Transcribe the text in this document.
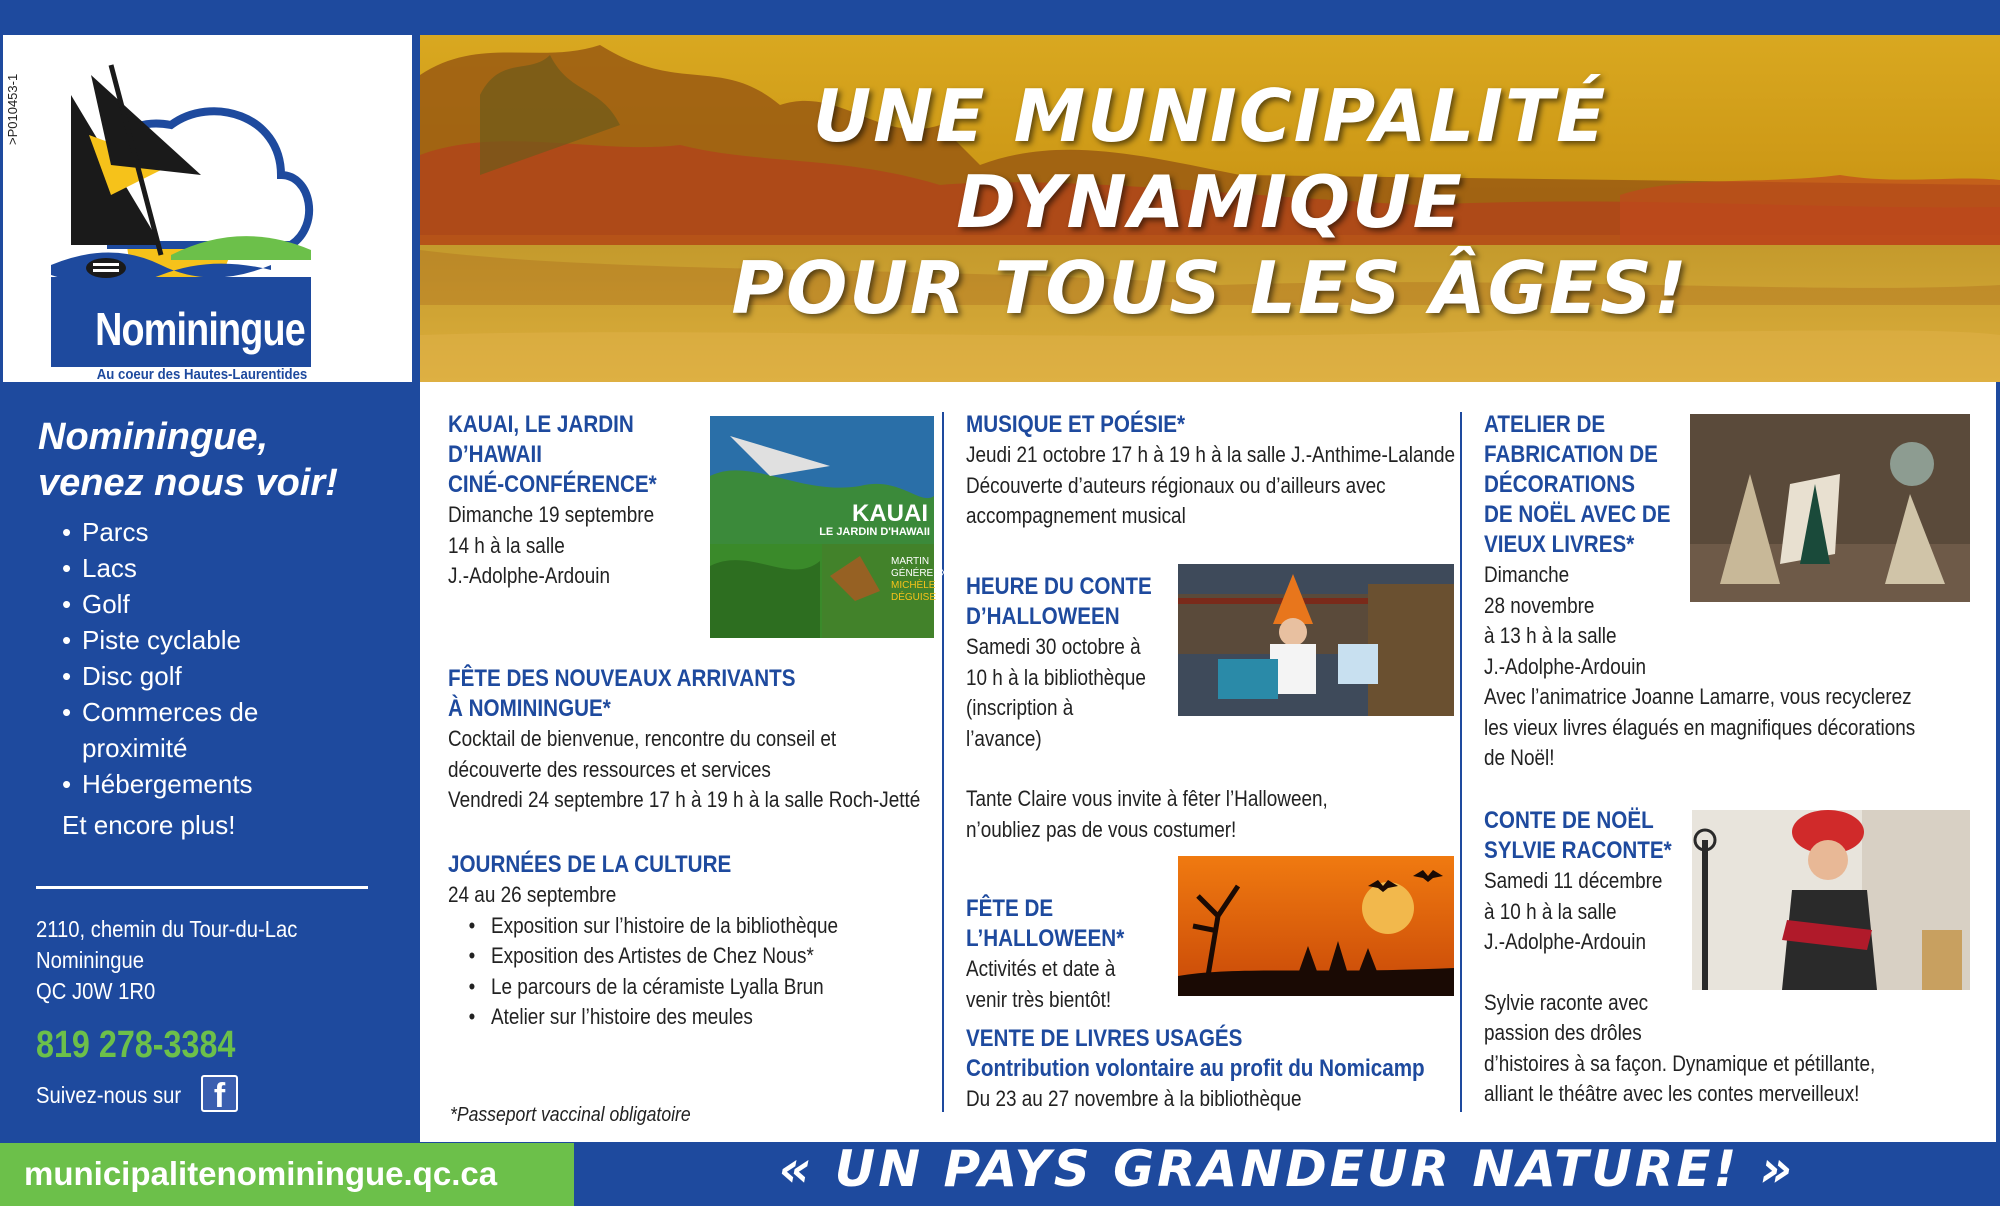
>P010453-1
Nominingue
Au coeur des Hautes-Laurentides
UNE MUNICIPALITÉ
DYNAMIQUE
POUR TOUS LES ÂGES!
Nominingue,
venez nous voir!
• Parcs
• Lacs
• Golf
• Piste cyclable
• Disc golf
• Commerces de
proximité
• Hébergements
Et encore plus!
2110, chemin du Tour-du-Lac
Nominingue
QC J0W 1R0
819 278-3384
Suivez-nous sur f
KAUAI, LE JARDIN
D’HAWAII
CINÉ-CONFÉRENCE*
Dimanche 19 septembre
14 h à la salle
J.-Adolphe-Ardouin
KAUAI
LE JARDIN D'HAWAII
MARTIN
GÉNÉREUX
MICHÈLE
DÉGUISE
FÊTE DES NOUVEAUX ARRIVANTS
À NOMININGUE*
Cocktail de bienvenue, rencontre du conseil et
découverte des ressources et services
Vendredi 24 septembre 17 h à 19 h à la salle Roch-Jetté
JOURNÉES DE LA CULTURE
24 au 26 septembre
• Exposition sur l’histoire de la bibliothèque
• Exposition des Artistes de Chez Nous*
• Le parcours de la céramiste Lyalla Brun
• Atelier sur l’histoire des meules
*Passeport vaccinal obligatoire
MUSIQUE ET POÉSIE*
Jeudi 21 octobre 17 h à 19 h à la salle J.-Anthime-Lalande
Découverte d’auteurs régionaux ou d’ailleurs avec
accompagnement musical
HEURE DU CONTE
D’HALLOWEEN
Samedi 30 octobre à
10 h à la bibliothèque
(inscription à
l’avance)
Tante Claire vous invite à fêter l’Halloween,
n’oubliez pas de vous costumer!
FÊTE DE
L’HALLOWEEN*
Activités et date à
venir très bientôt!
VENTE DE LIVRES USAGÉS
Contribution volontaire au profit du Nomicamp
Du 23 au 27 novembre à la bibliothèque
ATELIER DE
FABRICATION DE
DÉCORATIONS
DE NOËL AVEC DE
VIEUX LIVRES*
Dimanche
28 novembre
à 13 h à la salle
J.-Adolphe-Ardouin
Avec l’animatrice Joanne Lamarre, vous recyclerez
les vieux livres élagués en magnifiques décorations
de Noël!
CONTE DE NOËL
SYLVIE RACONTE*
Samedi 11 décembre
à 10 h à la salle
J.-Adolphe-Ardouin
Sylvie raconte avec
passion des drôles
d’histoires à sa façon. Dynamique et pétillante,
alliant le théâtre avec les contes merveilleux!
municipalitenominingue.qc.ca	« UN PAYS GRANDEUR NATURE! »
